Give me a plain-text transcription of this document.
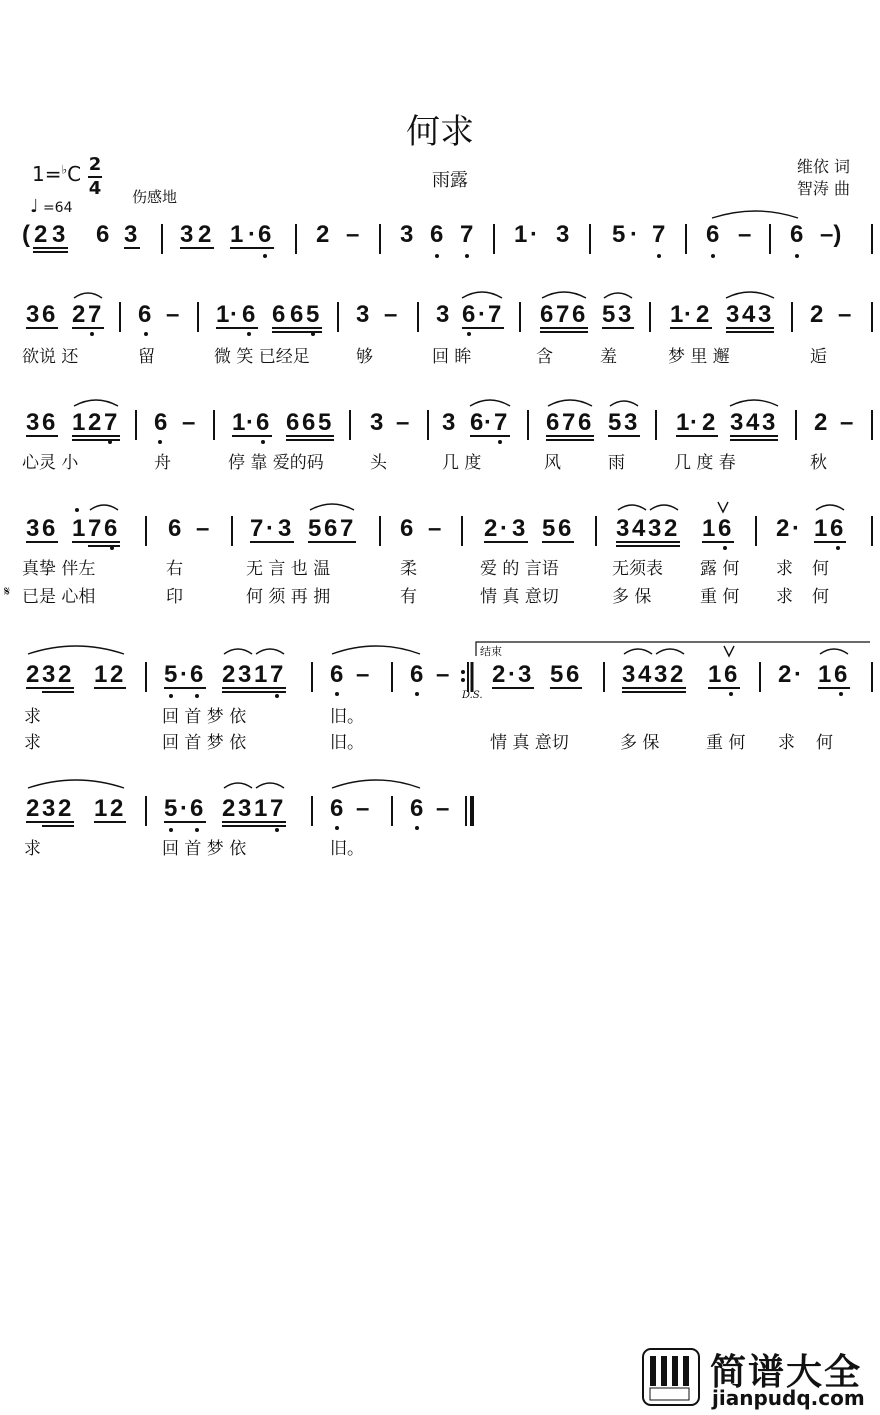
何求
雨露
维依 词
智涛 曲
1=♭C 2
4
♩ =64
伤感地
( 2 3 6 3 3 2 1 · 6 2 – 3 6 7 1 · 3 5 · 7 6 – 6 –)
3 6 2 7 6 – 1 · 6 6 6 5 3 – 3 6 · 7 6 7 6 5 3 1 · 2 3 4 3 2 –
欲说 还	留	微 笑 已经足	够	回 眸	含	羞	梦 里 邂	逅
3 6 1 2 7 6 – 1 · 6 6 6 5 3 – 3 6 · 7 6 7 6 5 3 1 · 2 3 4 3 2 –
心灵 小	舟	停 靠 爱的码	头	几 度	风	雨	几 度 春	秋
3 6 1 7 6 6 – 7 · 3 5 6 7 6 – 2 · 3 5 6 3 4 3 2 1 6 2 · 1 6
真挚 伴左	右	无 言 也 温	柔	爱 的 言语	无须表 露 何 求 何
𝄋 已是 心相	印	何 须 再 拥	有	情 真 意切	多 保	重 何 求 何
2 3 2 1 2 5 · 6 2 3 1 7 6 – 6 – 2 · 3 5 6 3 4 3 2 1 6 2 · 1 6
结束
D.S.
求	回 首 梦 依	旧。
求	回 首 梦 依	旧。	情 真 意切	多 保	重 何 求 何
2 3 2 1 2 5 · 6 2 3 1 7 6 – 6 –
求	回 首 梦 依	旧。
简谱大全
jianpudq.com
